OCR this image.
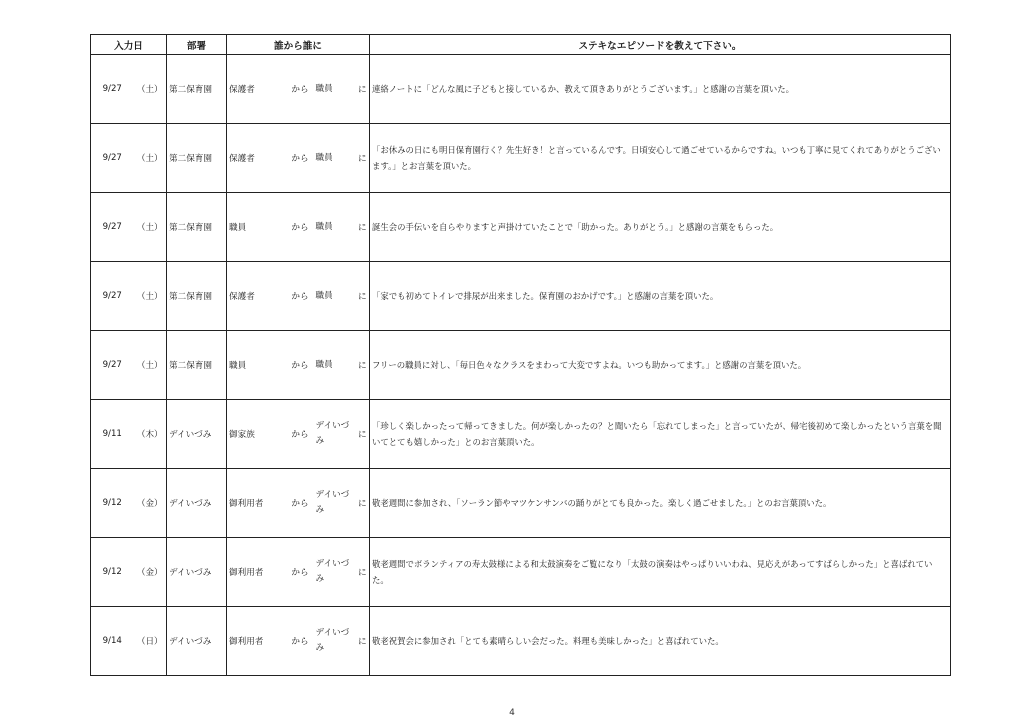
入力日		部署	誰から誰に				ステキなエピソードを教えて下さい。
9/27	（土）	第二保育園	保護者	から	職員	に	連絡ノートに「どんな風に子どもと接しているか、教えて頂きありがとうございます。」と感謝の言葉を頂いた。
9/27	（土）	第二保育園	保護者	から	職員	に	「お休みの日にも明日保育園行く？先生好き！と言っているんです。日頃安心して過ごせているからですね。いつも丁寧に見てくれてありがとうございます。」とお言葉を頂いた。
9/27	（土）	第二保育園	職員	から	職員	に	誕生会の手伝いを自らやりますと声掛けていたことで「助かった。ありがとう。」と感謝の言葉をもらった。
9/27	（土）	第二保育園	保護者	から	職員	に	「家でも初めてトイレで排尿が出来ました。保育園のおかげです。」と感謝の言葉を頂いた。
9/27	（土）	第二保育園	職員	から	職員	に	フリーの職員に対し、「毎日色々なクラスをまわって大変ですよね。いつも助かってます。」と感謝の言葉を頂いた。
9/11	（木）	デイいづみ	御家族	から	デイいづみ	に	「珍しく楽しかったって帰ってきました。何が楽しかったの？と聞いたら「忘れてしまった」と言っていたが、帰宅後初めて楽しかったという言葉を聞いてとても嬉しかった」とのお言葉頂いた。
9/12	（金）	デイいづみ	御利用者	から	デイいづみ	に	敬老週間に参加され、「ソーラン節やマツケンサンバの踊りがとても良かった。楽しく過ごせました。」とのお言葉頂いた。
9/12	（金）	デイいづみ	御利用者	から	デイいづみ	に	敬老週間でボランティアの寿太鼓様による和太鼓演奏をご覧になり「太鼓の演奏はやっぱりいいわね、見応えがあってすばらしかった」と喜ばれていた。
9/14	（日）	デイいづみ	御利用者	から	デイいづみ	に	敬老祝賀会に参加され「とても素晴らしい会だった。料理も美味しかった」と喜ばれていた。
4
